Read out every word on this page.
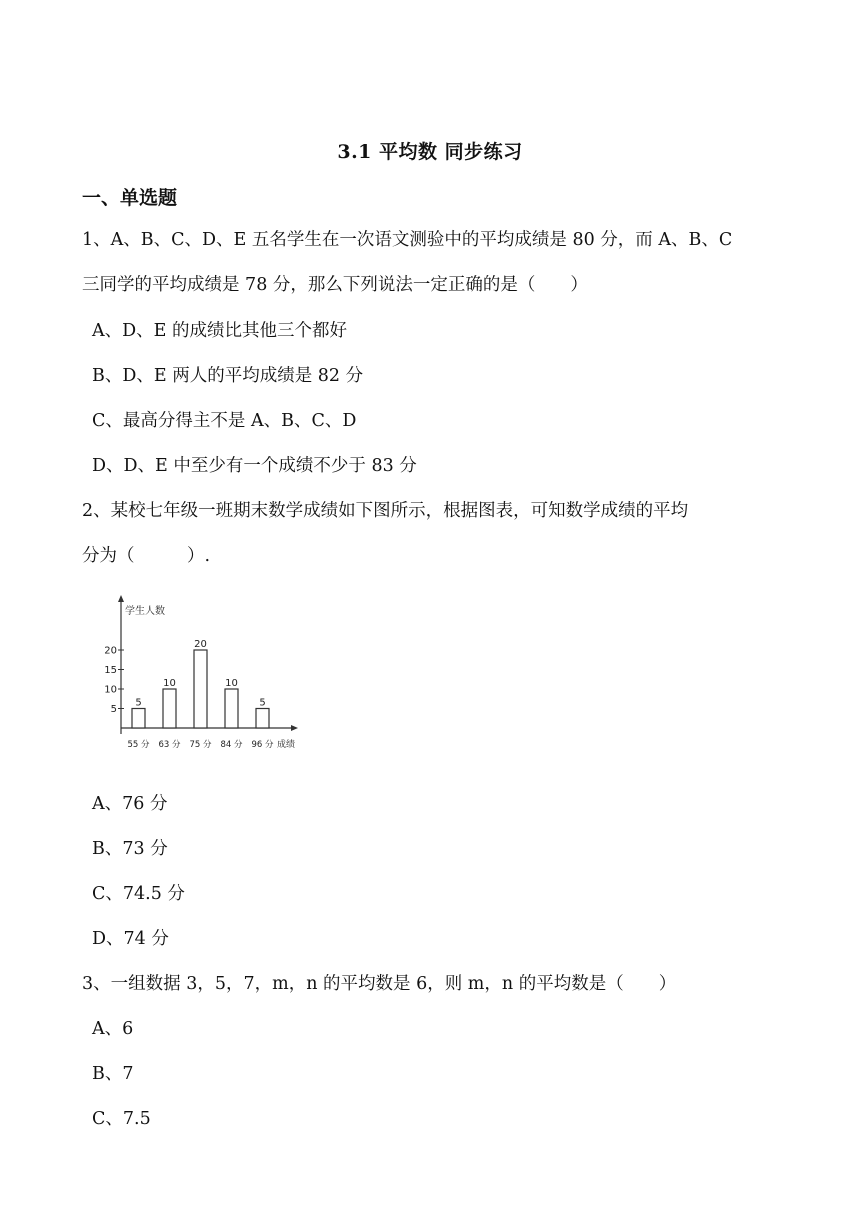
3.1 平均数 同步练习
一、单选题
1、A、B、C、D、E 五名学生在一次语文测验中的平均成绩是 80 分，而 A、B、C
三同学的平均成绩是 78 分，那么下列说法一定正确的是（　　）
A、D、E 的成绩比其他三个都好
B、D、E 两人的平均成绩是 82 分
C、最高分得主不是 A、B、C、D
D、D、E 中至少有一个成绩不少于 83 分
2、某校七年级一班期末数学成绩如下图所示，根据图表，可知数学成绩的平均
分为（　　　）.
学生人数
成绩
5
10
15
20
5
55 分
10
63 分
20
75 分
10
84 分
5
96 分
A、76 分
B、73 分
C、74.5 分
D、74 分
3、一组数据 3，5，7，m，n 的平均数是 6，则 m，n 的平均数是（　　）
A、6
B、7
C、7.5
